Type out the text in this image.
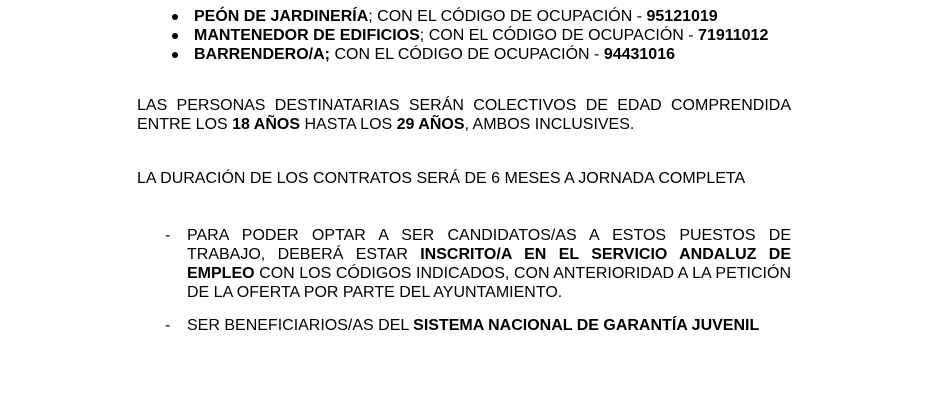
PEÓN DE JARDINERÍA; CON EL CÓDIGO DE OCUPACIÓN - 95121019
MANTENEDOR DE EDIFICIOS; CON EL CÓDIGO DE OCUPACIÓN - 71911012
BARRENDERO/A; CON EL CÓDIGO DE OCUPACIÓN - 94431016

LAS PERSONAS DESTINATARIAS SERÁN COLECTIVOS DE EDAD COMPRENDIDA ENTRE LOS 18 AÑOS HASTA LOS 29 AÑOS, AMBOS INCLUSIVES.

LA DURACIÓN DE LOS CONTRATOS SERÁ DE 6 MESES A JORNADA COMPLETA

-	PARA PODER OPTAR A SER CANDIDATOS/AS A ESTOS PUESTOS DE TRABAJO, DEBERÁ ESTAR INSCRITO/A EN EL SERVICIO ANDALUZ DE EMPLEO CON LOS CÓDIGOS INDICADOS, CON ANTERIORIDAD A LA PETICIÓN DE LA OFERTA POR PARTE DEL AYUNTAMIENTO.
-	SER BENEFICIARIOS/AS DEL SISTEMA NACIONAL DE GARANTÍA JUVENIL
